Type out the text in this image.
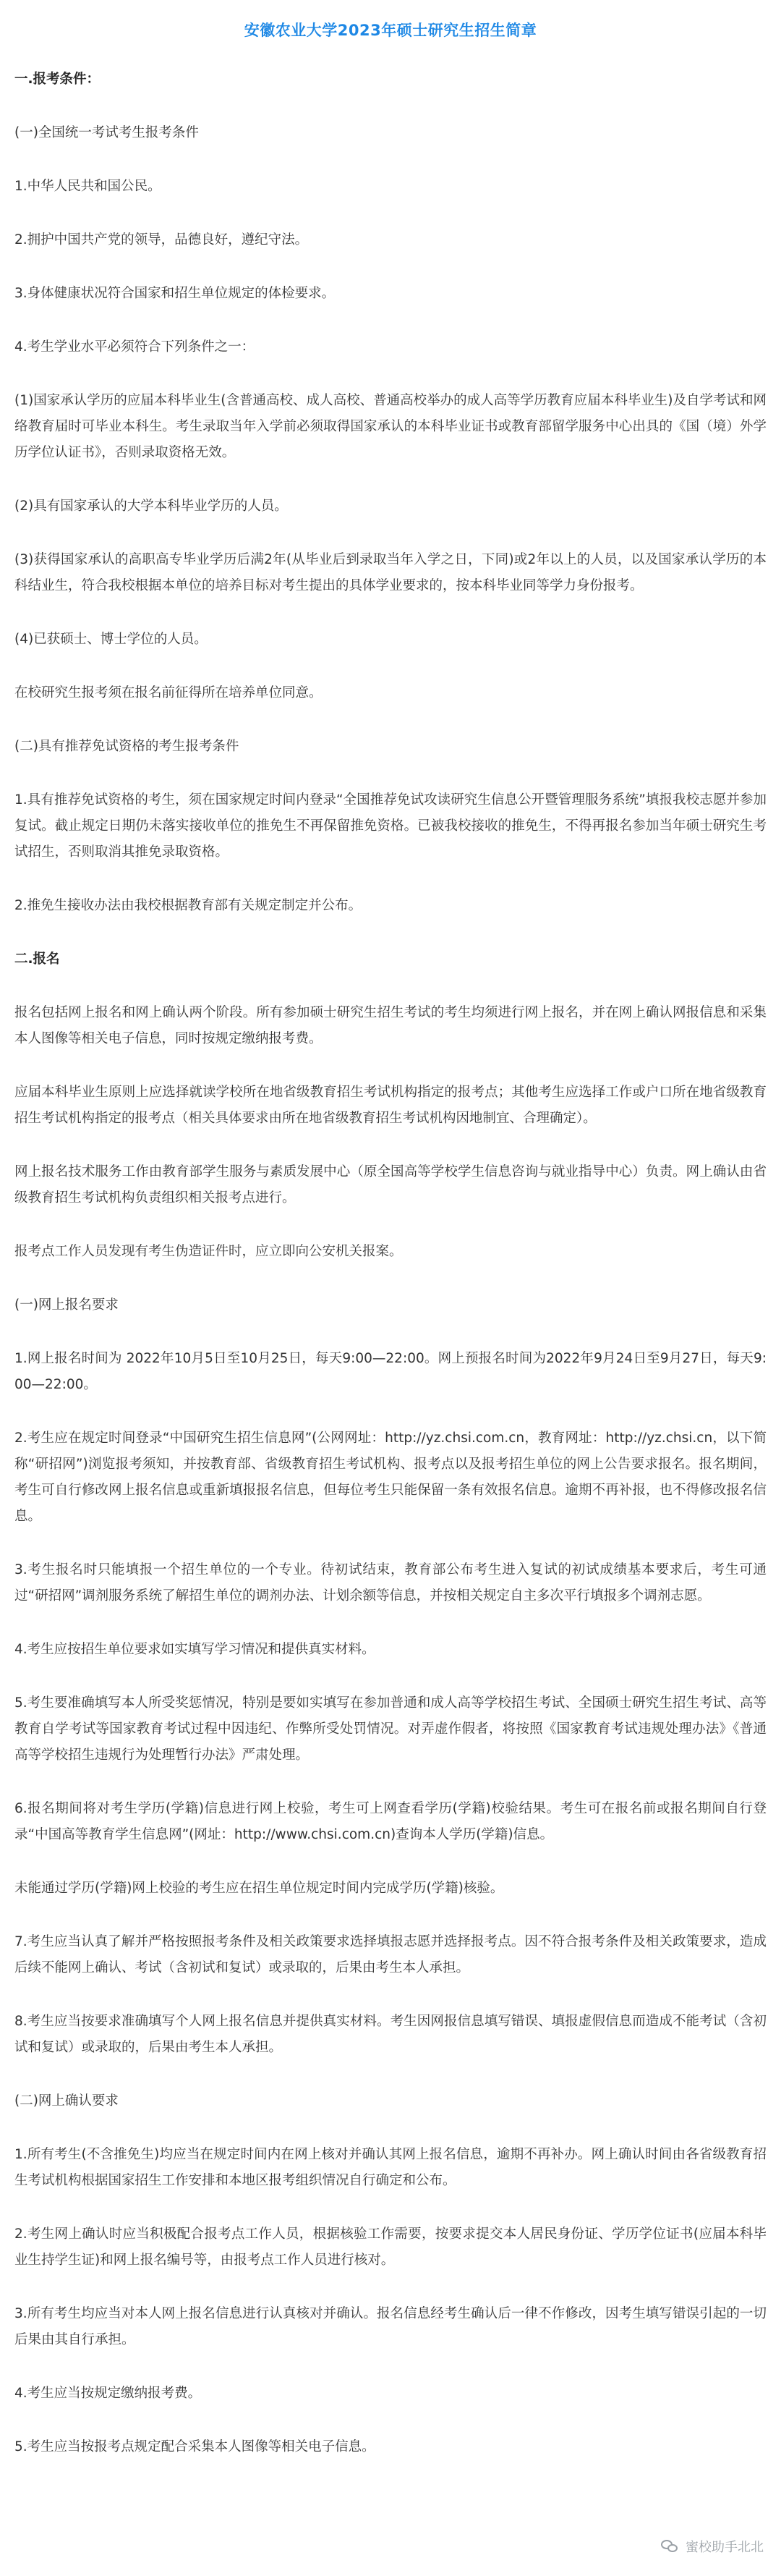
安徽农业大学2023年硕士研究生招生简章

一.报考条件：

(一)全国统一考试考生报考条件

1.中华人民共和国公民。

2.拥护中国共产党的领导，品德良好，遵纪守法。

3.身体健康状况符合国家和招生单位规定的体检要求。

4.考生学业水平必须符合下列条件之一：

(1)国家承认学历的应届本科毕业生(含普通高校、成人高校、普通高校举办的成人高等学历教育应届本科毕业生)及自学考试和网络教育届时可毕业本科生。考生录取当年入学前必须取得国家承认的本科毕业证书或教育部留学服务中心出具的《国（境）外学历学位认证书》，否则录取资格无效。

(2)具有国家承认的大学本科毕业学历的人员。

(3)获得国家承认的高职高专毕业学历后满2年(从毕业后到录取当年入学之日，下同)或2年以上的人员，以及国家承认学历的本科结业生，符合我校根据本单位的培养目标对考生提出的具体学业要求的，按本科毕业同等学力身份报考。

(4)已获硕士、博士学位的人员。

在校研究生报考须在报名前征得所在培养单位同意。

(二)具有推荐免试资格的考生报考条件

1.具有推荐免试资格的考生，须在国家规定时间内登录“全国推荐免试攻读研究生信息公开暨管理服务系统”填报我校志愿并参加复试。截止规定日期仍未落实接收单位的推免生不再保留推免资格。已被我校接收的推免生，不得再报名参加当年硕士研究生考试招生，否则取消其推免录取资格。

2.推免生接收办法由我校根据教育部有关规定制定并公布。

二.报名

报名包括网上报名和网上确认两个阶段。所有参加硕士研究生招生考试的考生均须进行网上报名，并在网上确认网报信息和采集本人图像等相关电子信息，同时按规定缴纳报考费。

应届本科毕业生原则上应选择就读学校所在地省级教育招生考试机构指定的报考点；其他考生应选择工作或户口所在地省级教育招生考试机构指定的报考点（相关具体要求由所在地省级教育招生考试机构因地制宜、合理确定）。

网上报名技术服务工作由教育部学生服务与素质发展中心（原全国高等学校学生信息咨询与就业指导中心）负责。网上确认由省级教育招生考试机构负责组织相关报考点进行。

报考点工作人员发现有考生伪造证件时，应立即向公安机关报案。

(一)网上报名要求

1.网上报名时间为 2022年10月5日至10月25日，每天9:00—22:00。网上预报名时间为2022年9月24日至9月27日，每天9:00—22:00。

2.考生应在规定时间登录“中国研究生招生信息网”(公网网址：http://yz.chsi.com.cn，教育网址：http://yz.chsi.cn，以下简称“研招网”)浏览报考须知，并按教育部、省级教育招生考试机构、报考点以及报考招生单位的网上公告要求报名。报名期间，考生可自行修改网上报名信息或重新填报报名信息，但每位考生只能保留一条有效报名信息。逾期不再补报，也不得修改报名信息。

3.考生报名时只能填报一个招生单位的一个专业。待初试结束，教育部公布考生进入复试的初试成绩基本要求后，考生可通过“研招网”调剂服务系统了解招生单位的调剂办法、计划余额等信息，并按相关规定自主多次平行填报多个调剂志愿。

4.考生应按招生单位要求如实填写学习情况和提供真实材料。

5.考生要准确填写本人所受奖惩情况，特别是要如实填写在参加普通和成人高等学校招生考试、全国硕士研究生招生考试、高等教育自学考试等国家教育考试过程中因违纪、作弊所受处罚情况。对弄虚作假者，将按照《国家教育考试违规处理办法》《普通高等学校招生违规行为处理暂行办法》严肃处理。

6.报名期间将对考生学历(学籍)信息进行网上校验，考生可上网查看学历(学籍)校验结果。考生可在报名前或报名期间自行登录“中国高等教育学生信息网”(网址：http://www.chsi.com.cn)查询本人学历(学籍)信息。

未能通过学历(学籍)网上校验的考生应在招生单位规定时间内完成学历(学籍)核验。

7.考生应当认真了解并严格按照报考条件及相关政策要求选择填报志愿并选择报考点。因不符合报考条件及相关政策要求，造成后续不能网上确认、考试（含初试和复试）或录取的，后果由考生本人承担。

8.考生应当按要求准确填写个人网上报名信息并提供真实材料。考生因网报信息填写错误、填报虚假信息而造成不能考试（含初试和复试）或录取的，后果由考生本人承担。

(二)网上确认要求

1.所有考生(不含推免生)均应当在规定时间内在网上核对并确认其网上报名信息，逾期不再补办。网上确认时间由各省级教育招生考试机构根据国家招生工作安排和本地区报考组织情况自行确定和公布。

2.考生网上确认时应当积极配合报考点工作人员，根据核验工作需要，按要求提交本人居民身份证、学历学位证书(应届本科毕业生持学生证)和网上报名编号等，由报考点工作人员进行核对。

3.所有考生均应当对本人网上报名信息进行认真核对并确认。报名信息经考生确认后一律不作修改，因考生填写错误引起的一切后果由其自行承担。

4.考生应当按规定缴纳报考费。

5.考生应当按报考点规定配合采集本人图像等相关电子信息。

蜜校助手北北
